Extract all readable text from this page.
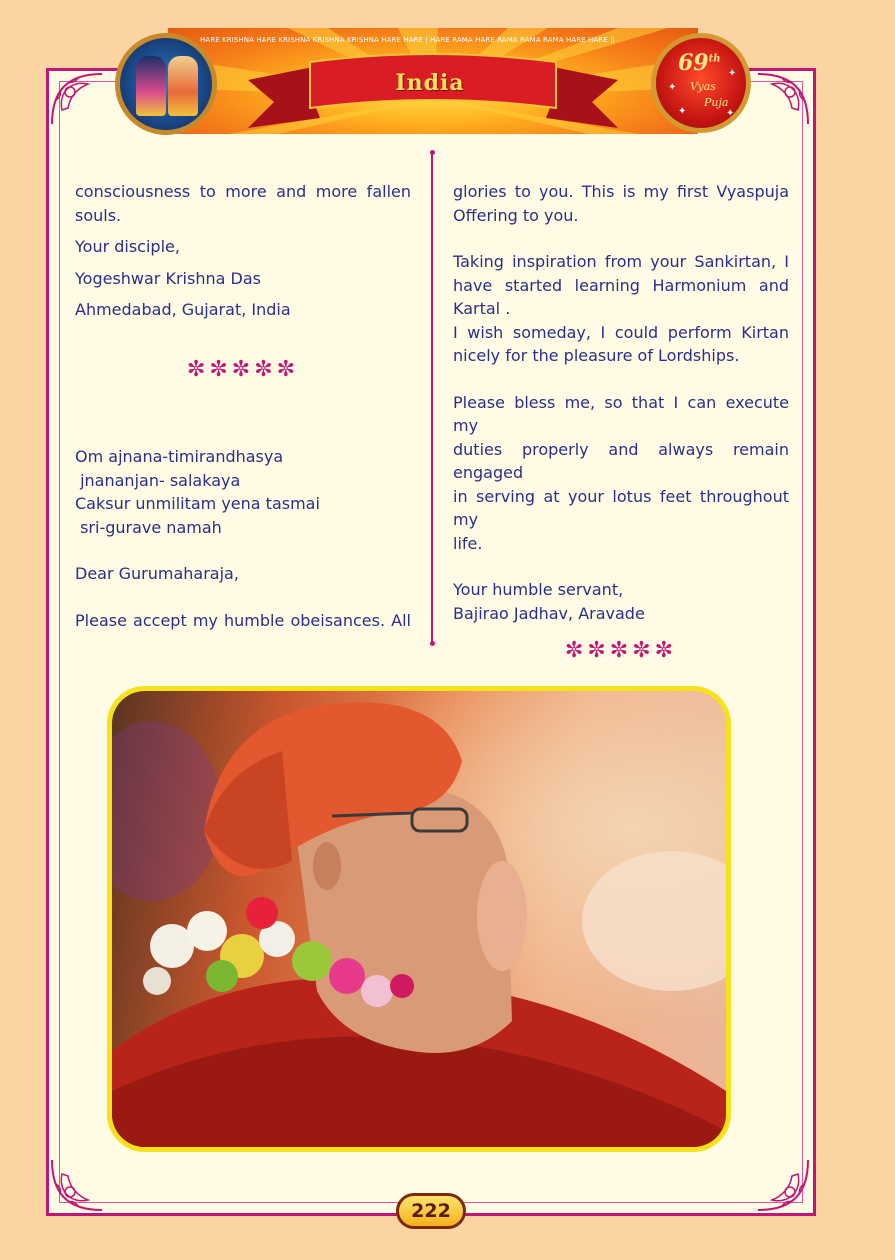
HARE KRISHNA HARE KRISHNA KRISHNA KRISHNA HARE HARE | HARE RAMA HARE RAMA RAMA RAMA HARE HARE ||
India
69th
Vyas
Puja
✦
✦
✦	✦

consciousness to more and more fallen

souls.

Your disciple,

Yogeshwar Krishna Das

Ahmedabad, Gujarat, India

✼✼✼✼✼

Om ajnana-timirandhasya

jnananjan- salakaya

Caksur unmilitam yena tasmai

sri-gurave namah

Dear Gurumaharaja,

Please accept my humble obeisances. All

glories to you. This is my first Vyaspuja

Offering to you.

Taking inspiration from your Sankirtan, I

have started learning Harmonium and

Kartal .

I wish someday, I could perform Kirtan

nicely for the pleasure of Lordships.

Please bless me, so that I can execute my

duties properly and always remain engaged

in serving at your lotus feet throughout my

life.

Your humble servant,

Bajirao Jadhav, Aravade

✼✼✼✼✼

222
